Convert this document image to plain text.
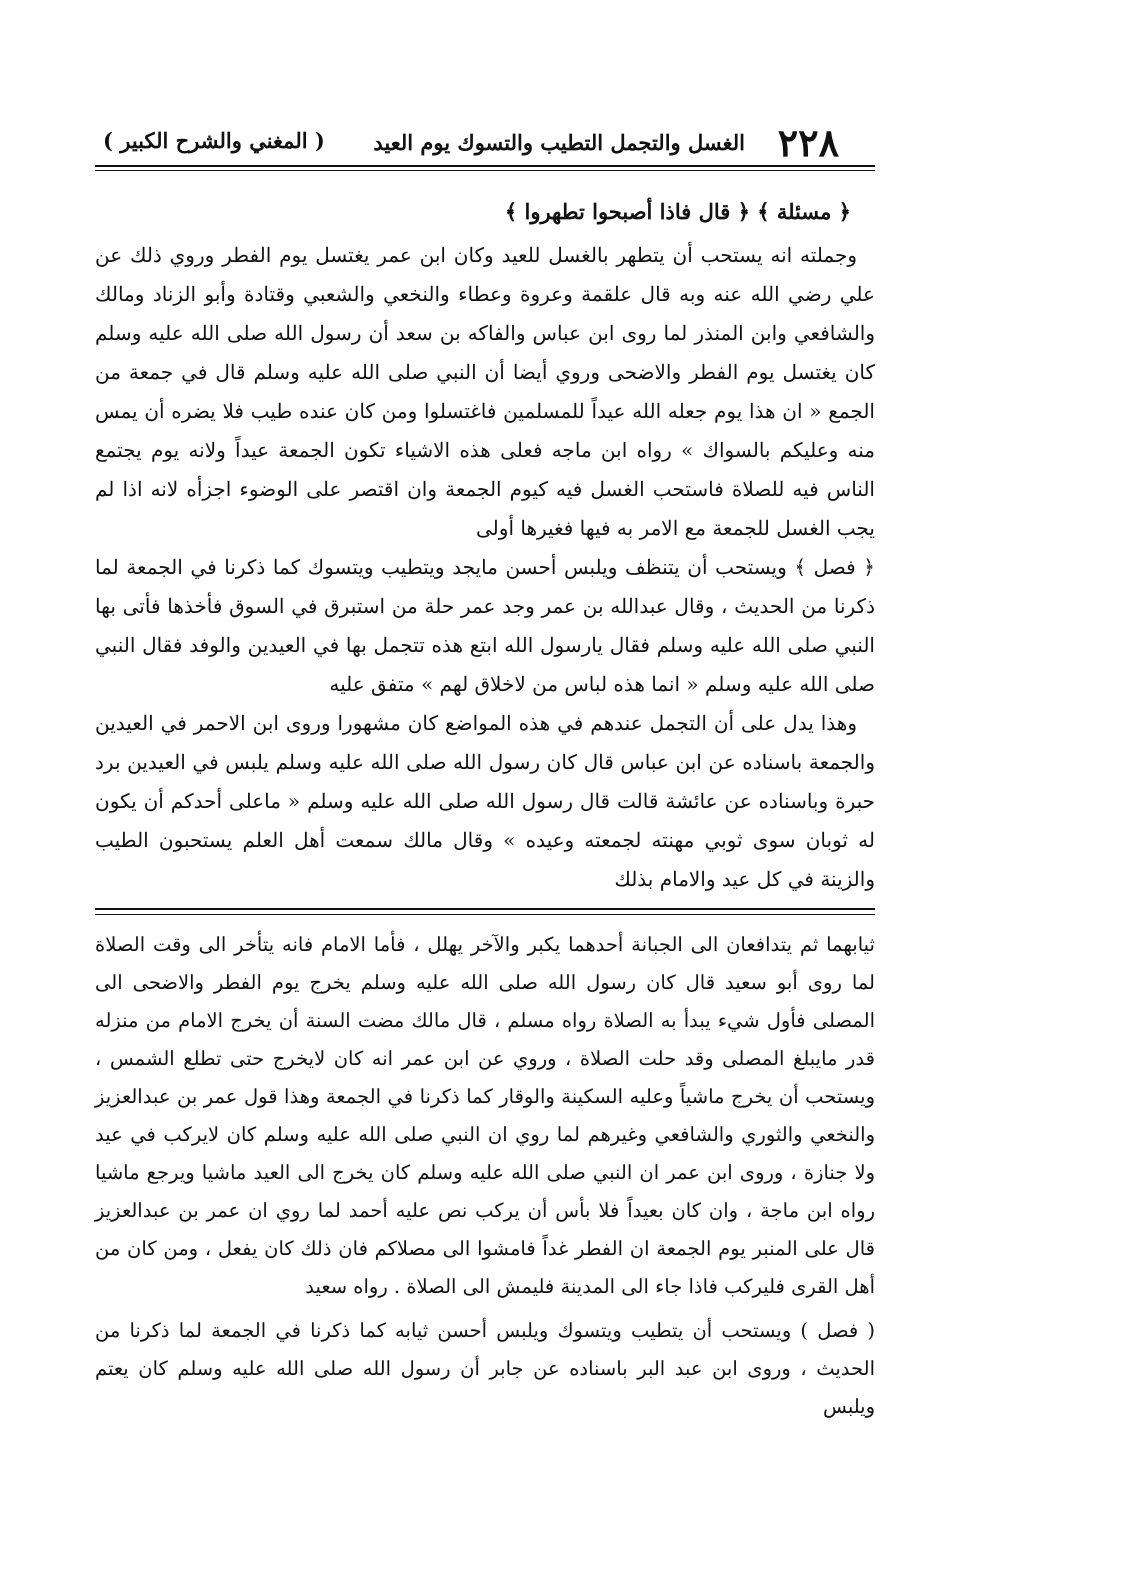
٢٢٨
الغسل والتجمل التطيب والتسوك يوم العيد
( المغني والشرح الكبير )
﴿ مسئلة ﴾ ﴿ قال فاذا أصبحوا تطهروا ﴾

وجملته انه يستحب أن يتطهر بالغسل للعيد وكان ابن عمر يغتسل يوم الفطر وروي ذلك عن علي رضي الله عنه وبه قال علقمة وعروة وعطاء والنخعي والشعبي وقتادة وأبو الزناد ومالك والشافعي وابن المنذر لما روى ابن عباس والفاكه بن سعد أن رسول الله صلى الله عليه وسلم كان يغتسل يوم الفطر والاضحى وروي أيضا أن النبي صلى الله عليه وسلم قال في جمعة من الجمع « ان هذا يوم جعله الله عيداً للمسلمين فاغتسلوا ومن كان عنده طيب فلا يضره أن يمس منه وعليكم بالسواك » رواه ابن ماجه فعلى هذه الاشياء تكون الجمعة عيداً ولانه يوم يجتمع الناس فيه للصلاة فاستحب الغسل فيه كيوم الجمعة وان اقتصر على الوضوء اجزأه لانه اذا لم يجب الغسل للجمعة مع الامر به فيها فغيرها أولى

﴿ فصل ﴾ ويستحب أن يتنظف ويلبس أحسن مايجد ويتطيب ويتسوك كما ذكرنا في الجمعة لما ذكرنا من الحديث ، وقال عبدالله بن عمر وجد عمر حلة من استبرق في السوق فأخذها فأتى بها النبي صلى الله عليه وسلم فقال يارسول الله ابتع هذه تتجمل بها في العيدين والوفد فقال النبي صلى الله عليه وسلم « انما هذه لباس من لاخلاق لهم » متفق عليه

وهذا يدل على أن التجمل عندهم في هذه المواضع كان مشهورا وروى ابن الاحمر في العيدين والجمعة باسناده عن ابن عباس قال كان رسول الله صلى الله عليه وسلم يلبس في العيدين برد حبرة وباسناده عن عائشة قالت قال رسول الله صلى الله عليه وسلم « ماعلى أحدكم أن يكون له ثوبان سوى ثوبي مهنته لجمعته وعيده » وقال مالك سمعت أهل العلم يستحبون الطيب والزينة في كل عيد والامام بذلك

ثيابهما ثم يتدافعان الى الجبانة أحدهما يكبر والآخر يهلل ، فأما الامام فانه يتأخر الى وقت الصلاة لما روى أبو سعيد قال كان رسول الله صلى الله عليه وسلم يخرج يوم الفطر والاضحى الى المصلى فأول شيء يبدأ به الصلاة رواه مسلم ، قال مالك مضت السنة أن يخرج الامام من منزله قدر مايبلغ المصلى وقد حلت الصلاة ، وروي عن ابن عمر انه كان لايخرج حتى تطلع الشمس ، ويستحب أن يخرج ماشياً وعليه السكينة والوقار كما ذكرنا في الجمعة وهذا قول عمر بن عبدالعزيز والنخعي والثوري والشافعي وغيرهم لما روي ان النبي صلى الله عليه وسلم كان لايركب في عيد ولا جنازة ، وروى ابن عمر ان النبي صلى الله عليه وسلم كان يخرج الى العيد ماشيا ويرجع ماشيا رواه ابن ماجة ، وان كان بعيداً فلا بأس أن يركب نص عليه أحمد لما روي ان عمر بن عبدالعزيز قال على المنبر يوم الجمعة ان الفطر غداً فامشوا الى مصلاكم فان ذلك كان يفعل ، ومن كان من أهل القرى فليركب فاذا جاء الى المدينة فليمش الى الصلاة . رواه سعيد

( فصل ) ويستحب أن يتطيب ويتسوك ويلبس أحسن ثيابه كما ذكرنا في الجمعة لما ذكرنا من الحديث ، وروى ابن عبد البر باسناده عن جابر أن رسول الله صلى الله عليه وسلم كان يعتم ويلبس
